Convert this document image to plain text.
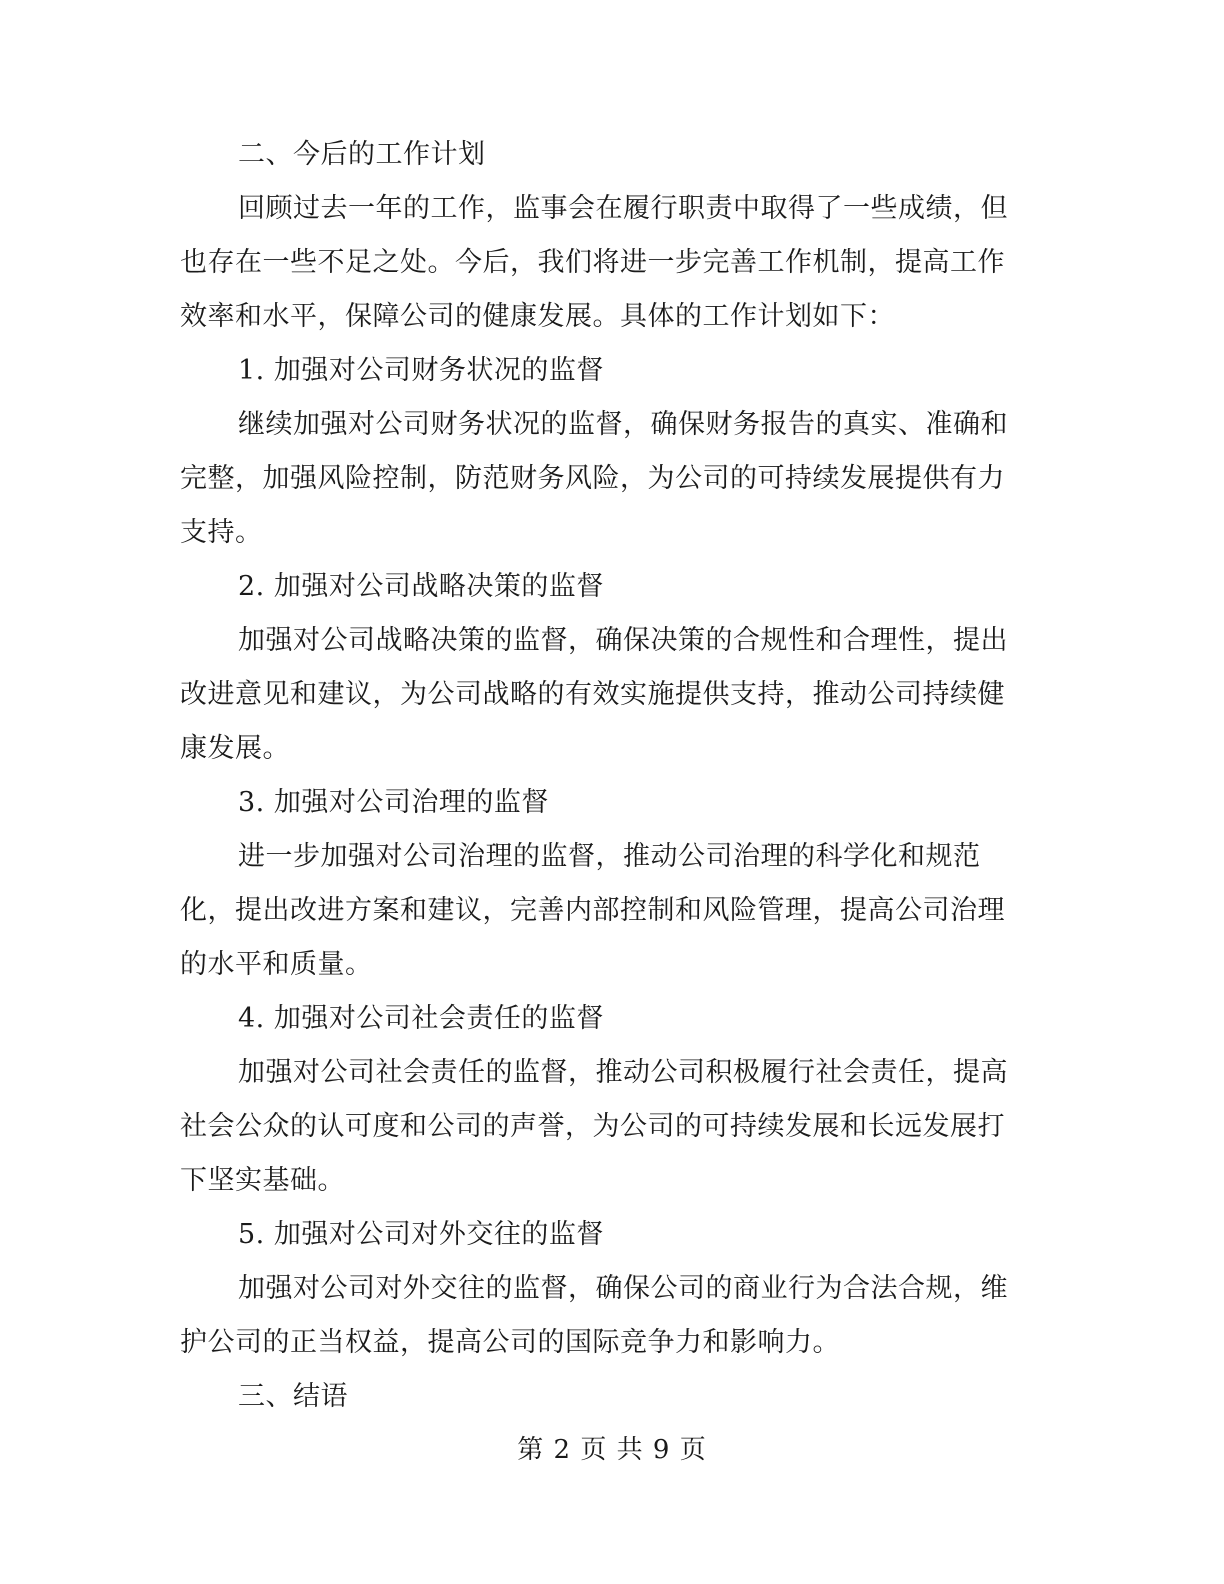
二、今后的工作计划
回顾过去一年的工作，监事会在履行职责中取得了一些成绩，但
也存在一些不足之处。今后，我们将进一步完善工作机制，提高工作
效率和水平，保障公司的健康发展。具体的工作计划如下：
1. 加强对公司财务状况的监督
继续加强对公司财务状况的监督，确保财务报告的真实、准确和
完整，加强风险控制，防范财务风险，为公司的可持续发展提供有力
支持。
2. 加强对公司战略决策的监督
加强对公司战略决策的监督，确保决策的合规性和合理性，提出
改进意见和建议，为公司战略的有效实施提供支持，推动公司持续健
康发展。
3. 加强对公司治理的监督
进一步加强对公司治理的监督，推动公司治理的科学化和规范
化，提出改进方案和建议，完善内部控制和风险管理，提高公司治理
的水平和质量。
4. 加强对公司社会责任的监督
加强对公司社会责任的监督，推动公司积极履行社会责任，提高
社会公众的认可度和公司的声誉，为公司的可持续发展和长远发展打
下坚实基础。
5. 加强对公司对外交往的监督
加强对公司对外交往的监督，确保公司的商业行为合法合规，维
护公司的正当权益，提高公司的国际竞争力和影响力。
三、结语
第 2 页 共 9 页
